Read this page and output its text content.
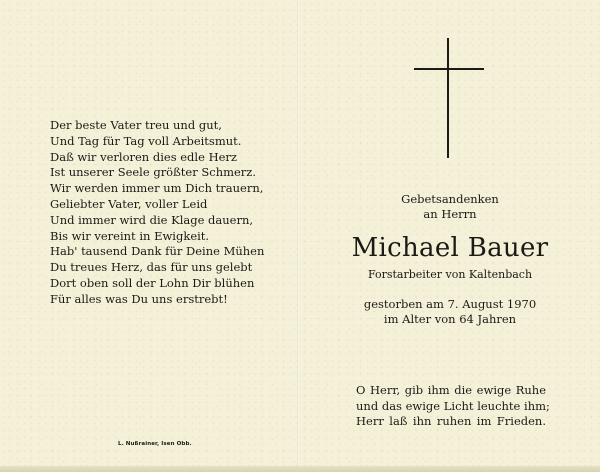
Der beste Vater treu und gut,
Und Tag für Tag voll Arbeitsmut.
Daß wir verloren dies edle Herz
Ist unserer Seele größter Schmerz.
Wir werden immer um Dich trauern,
Geliebter Vater, voller Leid
Und immer wird die Klage dauern,
Bis wir vereint in Ewigkeit.
Hab' tausend Dank für Deine Mühen
Du treues Herz, das für uns gelebt
Dort oben soll der Lohn Dir blühen
Für alles was Du uns erstrebt!
L. Nußrainer, Isen Obb.
Gebetsandenken
an Herrn
Michael Bauer
Forstarbeiter von Kaltenbach
gestorben am 7. August 1970
im Alter von 64 Jahren
O Herr, gib ihm die ewige Ruhe
und das ewige Licht leuchte ihm;
Herr laß ihn ruhen im Frieden.
